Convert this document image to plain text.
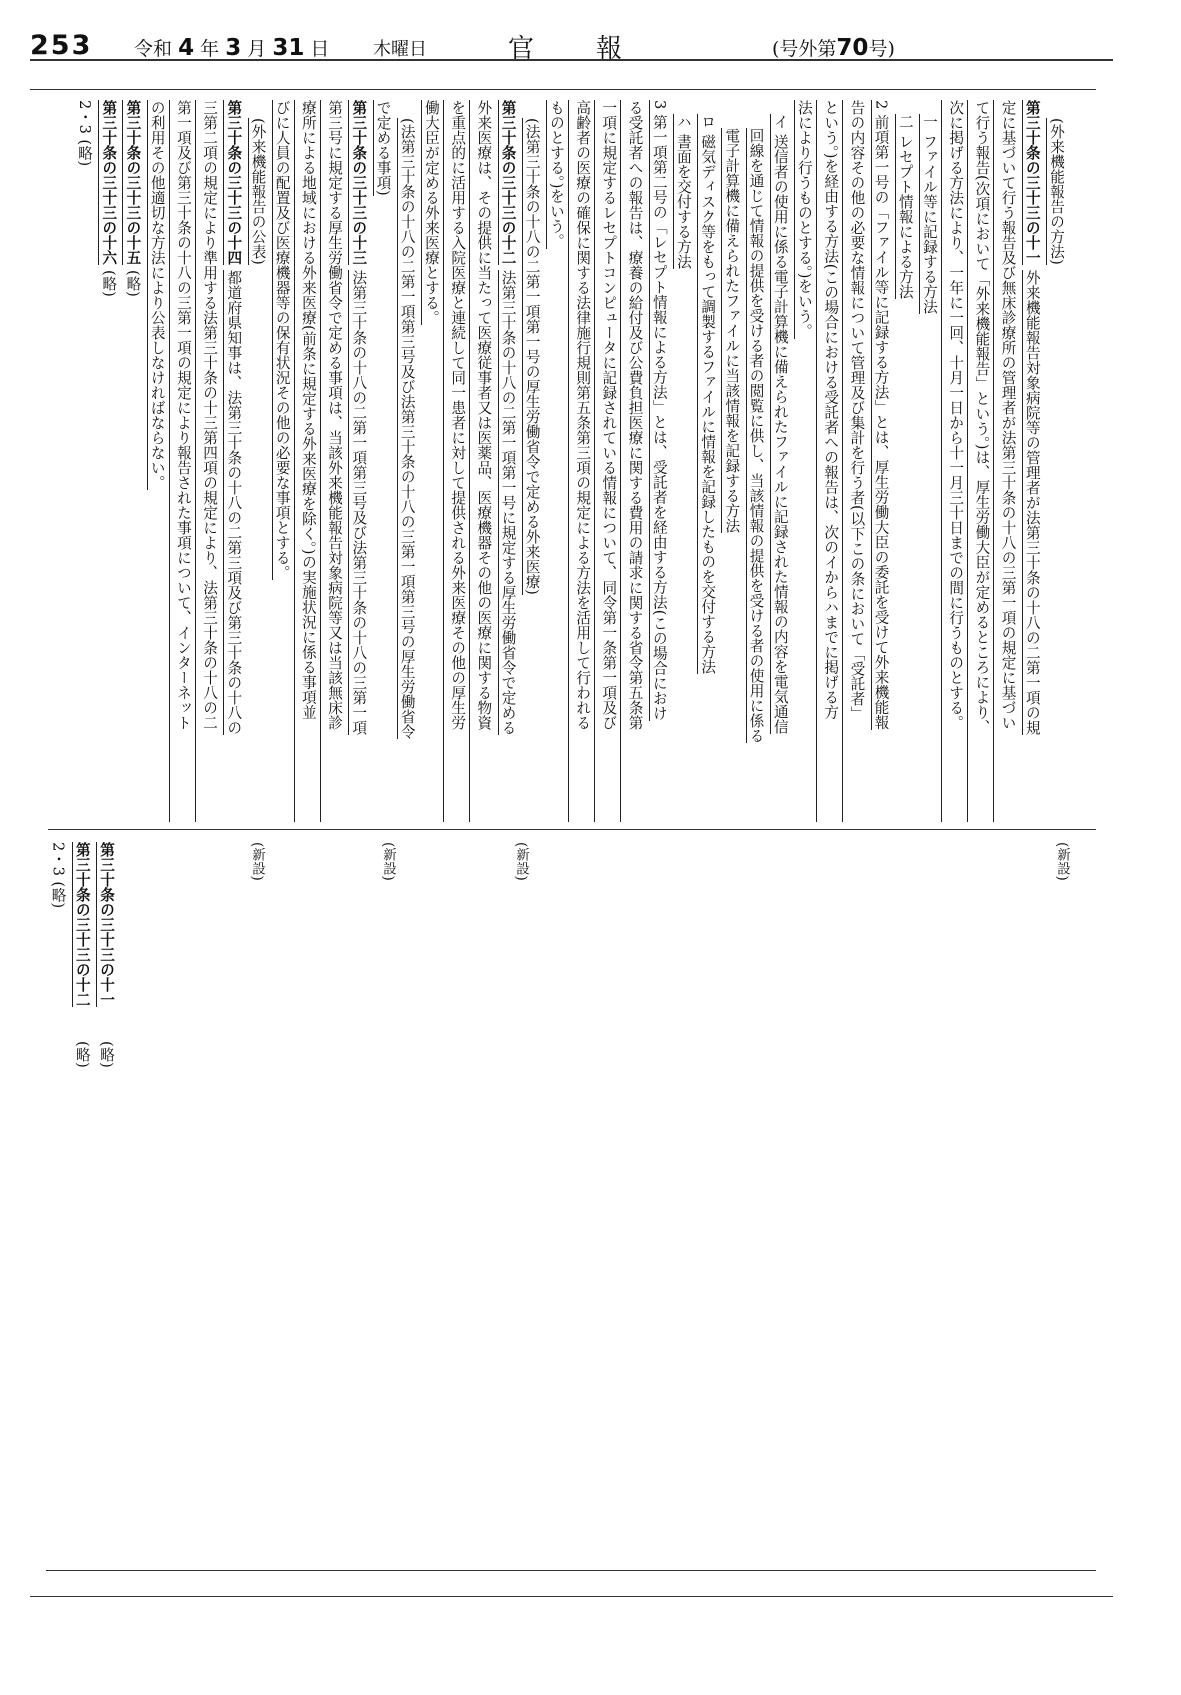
253 令和 4 年 3 月 31 日 木曜日	官報	(号外第70号)
(外来機能報告の方法)
第三十条の三十三の十一 外来機能報告対象病院等の管理者が法第三十条の十八の二第一項の規
定に基づいて行う報告及び無床診療所の管理者が法第三十条の十八の三第一項の規定に基づい
て行う報告(次項において「外来機能報告」という。)は、厚生労働大臣が定めるところにより、
次に掲げる方法により、一年に一回、十月一日から十一月三十日までの間に行うものとする。
一 ファイル等に記録する方法
二 レセプト情報による方法
2 前項第一号の「ファイル等に記録する方法」とは、厚生労働大臣の委託を受けて外来機能報
告の内容その他の必要な情報について管理及び集計を行う者(以下この条において「受託者」
という。)を経由する方法(この場合における受託者への報告は、次のイからハまでに掲げる方
法により行うものとする。)をいう。
イ 送信者の使用に係る電子計算機に備えられたファイルに記録された情報の内容を電気通信
回線を通じて情報の提供を受ける者の閲覧に供し、当該情報の提供を受ける者の使用に係る
電子計算機に備えられたファイルに当該情報を記録する方法
ロ 磁気ディスク等をもって調製するファイルに情報を記録したものを交付する方法
ハ 書面を交付する方法
3 第一項第二号の「レセプト情報による方法」とは、受託者を経由する方法(この場合におけ
る受託者への報告は、療養の給付及び公費負担医療に関する費用の請求に関する省令第五条第
一項に規定するレセプトコンピュータに記録されている情報について、同令第一条第一項及び
高齢者の医療の確保に関する法律施行規則第五条第三項の規定による方法を活用して行われる
ものとする。)をいう。
(法第三十条の十八の二第一項第一号の厚生労働省令で定める外来医療)
第三十条の三十三の十二 法第三十条の十八の二第一項第一号に規定する厚生労働省令で定める
外来医療は、その提供に当たって医療従事者又は医薬品、医療機器その他の医療に関する物資
を重点的に活用する入院医療と連続して同一患者に対して提供される外来医療その他の厚生労
働大臣が定める外来医療とする。
(法第三十条の十八の二第一項第三号及び法第三十条の十八の三第一項第三号の厚生労働省令
で定める事項)
第三十条の三十三の十三 法第三十条の十八の二第一項第三号及び法第三十条の十八の三第一項
第三号に規定する厚生労働省令で定める事項は、当該外来機能報告対象病院等又は当該無床診
療所による地域における外来医療(前条に規定する外来医療を除く。)の実施状況に係る事項並
びに人員の配置及び医療機器等の保有状況その他の必要な事項とする。
(外来機能報告の公表)
第三十条の三十三の十四 都道府県知事は、法第三十条の十八の二第三項及び第三十条の十八の
三第二項の規定により準用する法第三十条の十三第四項の規定により、法第三十条の十八の二
第一項及び第三十条の十八の三第一項の規定により報告された事項について、インターネット
の利用その他適切な方法により公表しなければならない。
第三十条の三十三の十五 (略)
第三十条の三十三の十六 (略)
2・3 (略)
(新設)
(新設)
(新設)
(新設)
第三十条の三十三の十一(略)
第三十条の三十三の十二(略)
2・3 (略)
